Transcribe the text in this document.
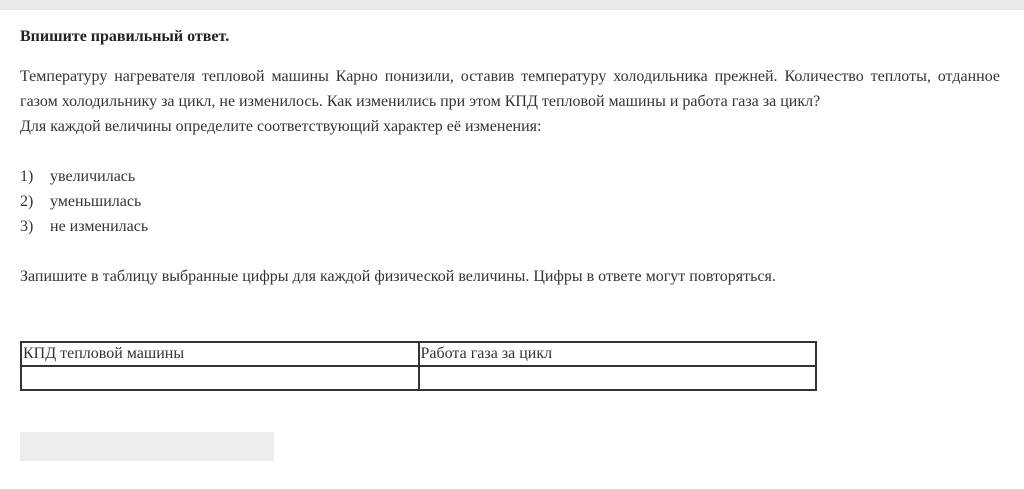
Впишите правильный ответ.

Температуру нагревателя тепловой машины Карно понизили, оставив температуру холодильника прежней. Количество теплоты, отданное газом холодильнику за цикл, не изменилось. Как изменились при этом КПД тепловой машины и работа газа за цикл?

Для каждой величины определите соответствующий характер её изменения:

1)	увеличилась
2)	уменьшилась
3)	не изменилась

Запишите в таблицу выбранные цифры для каждой физической величины. Цифры в ответе могут повторяться.

КПД тепловой машины	Работа газа за цикл
